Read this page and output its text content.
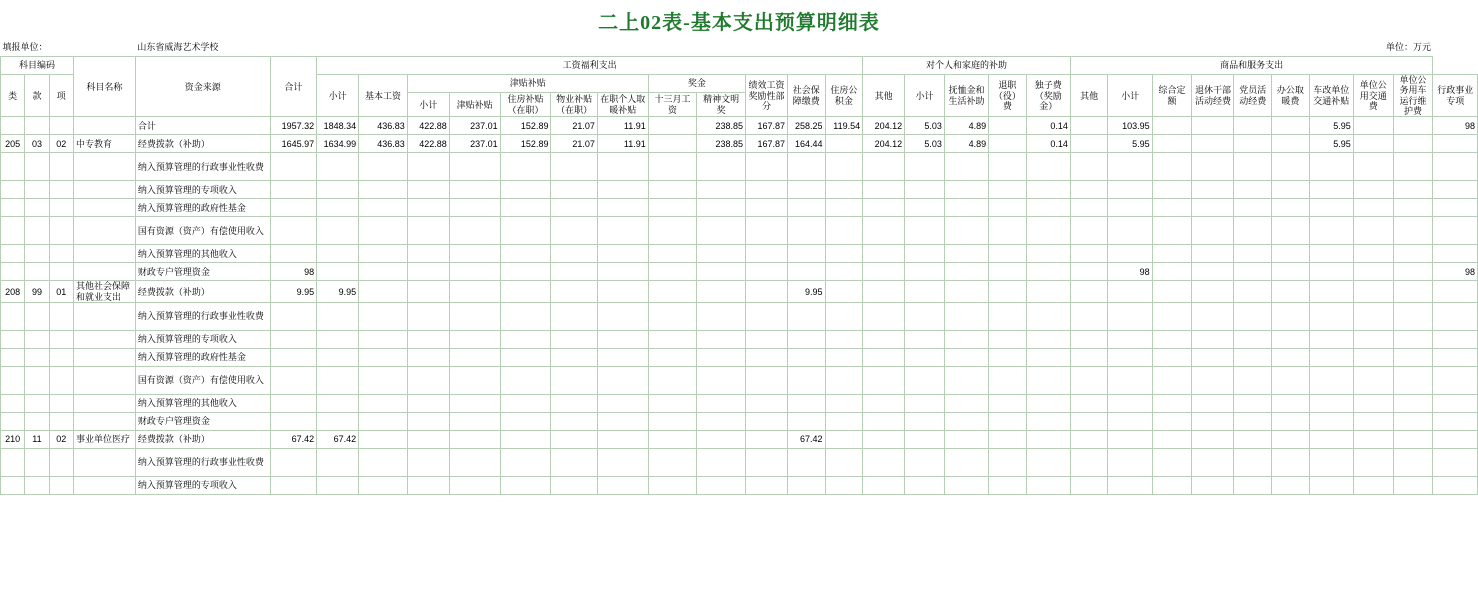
二上02表-基本支出预算明细表
填报单位：				山东省威海艺术学校	单位：万元																											
科目编码			科目名称	资金来源	合计	工资福利支出												对个人和家庭的补助					商品和服务支出									
类	款	项				小计	基本工资	津贴补贴					奖金		绩效工资奖励性部分	社会保障缴费	住房公积金	其他	小计	抚恤金和生活补助	退职（役）费	独子费（奖励金）	其他	小计	综合定额	退休干部活动经费	党员活动经费	办公取暖费	车改单位交通补贴	单位公用交通费	单位公务用车运行维护费	行政事业专项
								小计	津贴补贴	住房补贴（在职）	物业补贴（在职）	在职个人取暖补贴	十三月工资	精神文明奖																		

				合计	1957.32	1848.34	436.83	422.88	237.01	152.89	21.07	11.91		238.85	167.87	258.25	119.54	204.12	5.03	4.89		0.14		103.95					5.95			98

205	03	02	中专教育	经费拨款（补助）	1645.97	1634.99	436.83	422.88	237.01	152.89	21.07	11.91		238.85	167.87	164.44		204.12	5.03	4.89		0.14		5.95					5.95			

				纳入预算管理的行政事业性收费																												

				纳入预算管理的专项收入																												

				纳入预算管理的政府性基金																												

				国有资源（资产）有偿使用收入																												

				纳入预算管理的其他收入																												

				财政专户管理资金	98																			98								98

208	99	01	其他社会保障和就业支出	经费拨款（补助）	9.95	9.95										9.95																

				纳入预算管理的行政事业性收费																												

				纳入预算管理的专项收入																												

				纳入预算管理的政府性基金																												

				国有资源（资产）有偿使用收入																												

				纳入预算管理的其他收入																												

				财政专户管理资金																												

210	11	02	事业单位医疗	经费拨款（补助）	67.42	67.42										67.42																

				纳入预算管理的行政事业性收费																												

				纳入预算管理的专项收入																												
